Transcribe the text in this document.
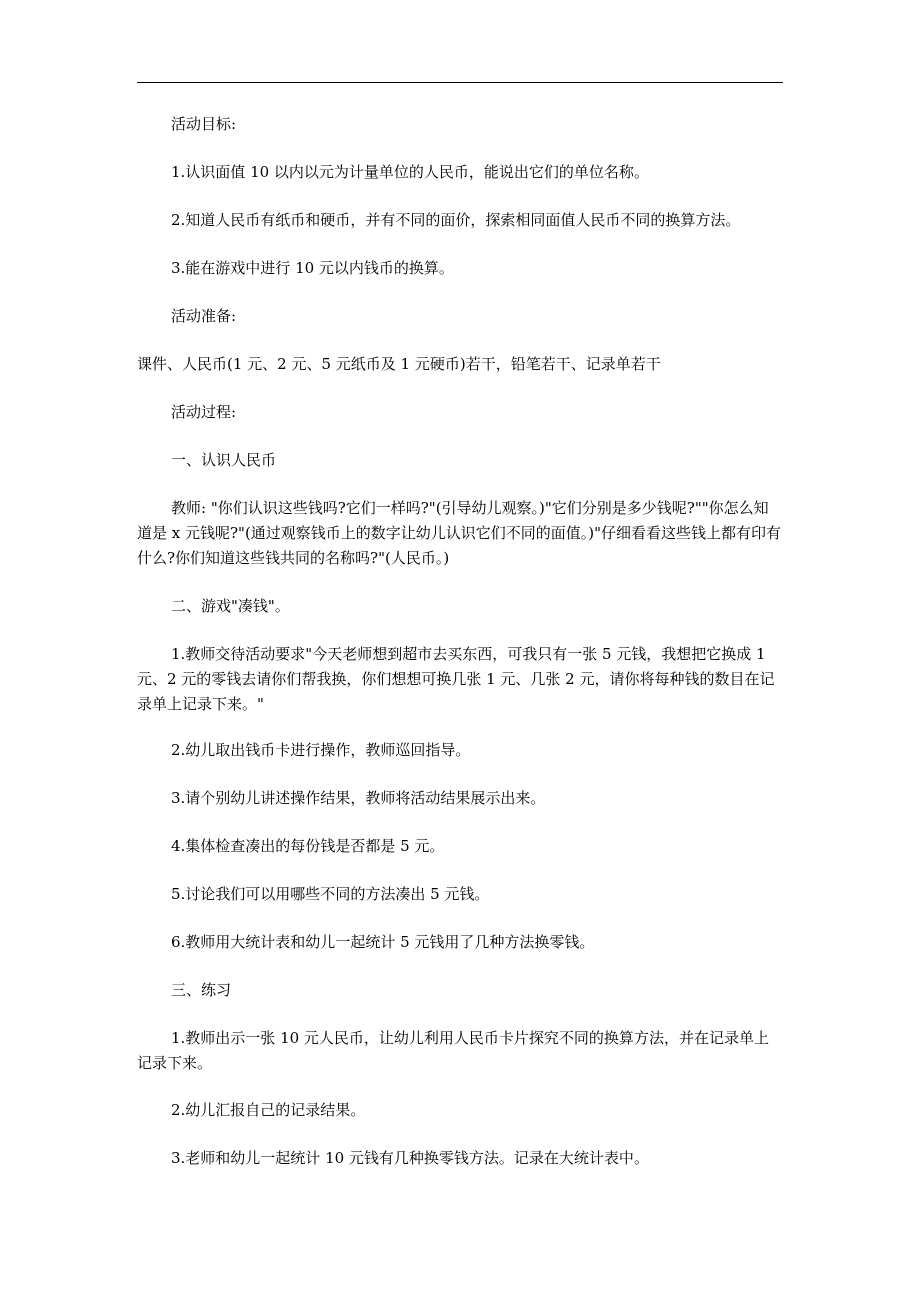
活动目标:

1.认识面值 10 以内以元为计量单位的人民币，能说出它们的单位名称。

2.知道人民币有纸币和硬币，并有不同的面价，探索相同面值人民币不同的换算方法。

3.能在游戏中进行 10 元以内钱币的换算。

活动准备:

课件、人民币(1 元、2 元、5 元纸币及 1 元硬币)若干，铅笔若干、记录单若干

活动过程:

一、认识人民币

教师: "你们认识这些钱吗?它们一样吗?"(引导幼儿观察。)"它们分别是多少钱呢?""你怎么知道是 x 元钱呢?"(通过观察钱币上的数字让幼儿认识它们不同的面值。)"仔细看看这些钱上都有印有什么?你们知道这些钱共同的名称吗?"(人民币。)

二、游戏"凑钱"。

1.教师交待活动要求"今天老师想到超市去买东西，可我只有一张 5 元钱，我想把它换成 1 元、2 元的零钱去请你们帮我换，你们想想可换几张 1 元、几张 2 元，请你将每种钱的数目在记录单上记录下来。"

2.幼儿取出钱币卡进行操作，教师巡回指导。

3.请个别幼儿讲述操作结果，教师将活动结果展示出来。

4.集体检查凑出的每份钱是否都是 5 元。

5.讨论我们可以用哪些不同的方法凑出 5 元钱。

6.教师用大统计表和幼儿一起统计 5 元钱用了几种方法换零钱。

三、练习

1.教师出示一张 10 元人民币，让幼儿利用人民币卡片探究不同的换算方法，并在记录单上记录下来。

2.幼儿汇报自己的记录结果。

3.老师和幼儿一起统计 10 元钱有几种换零钱方法。记录在大统计表中。
